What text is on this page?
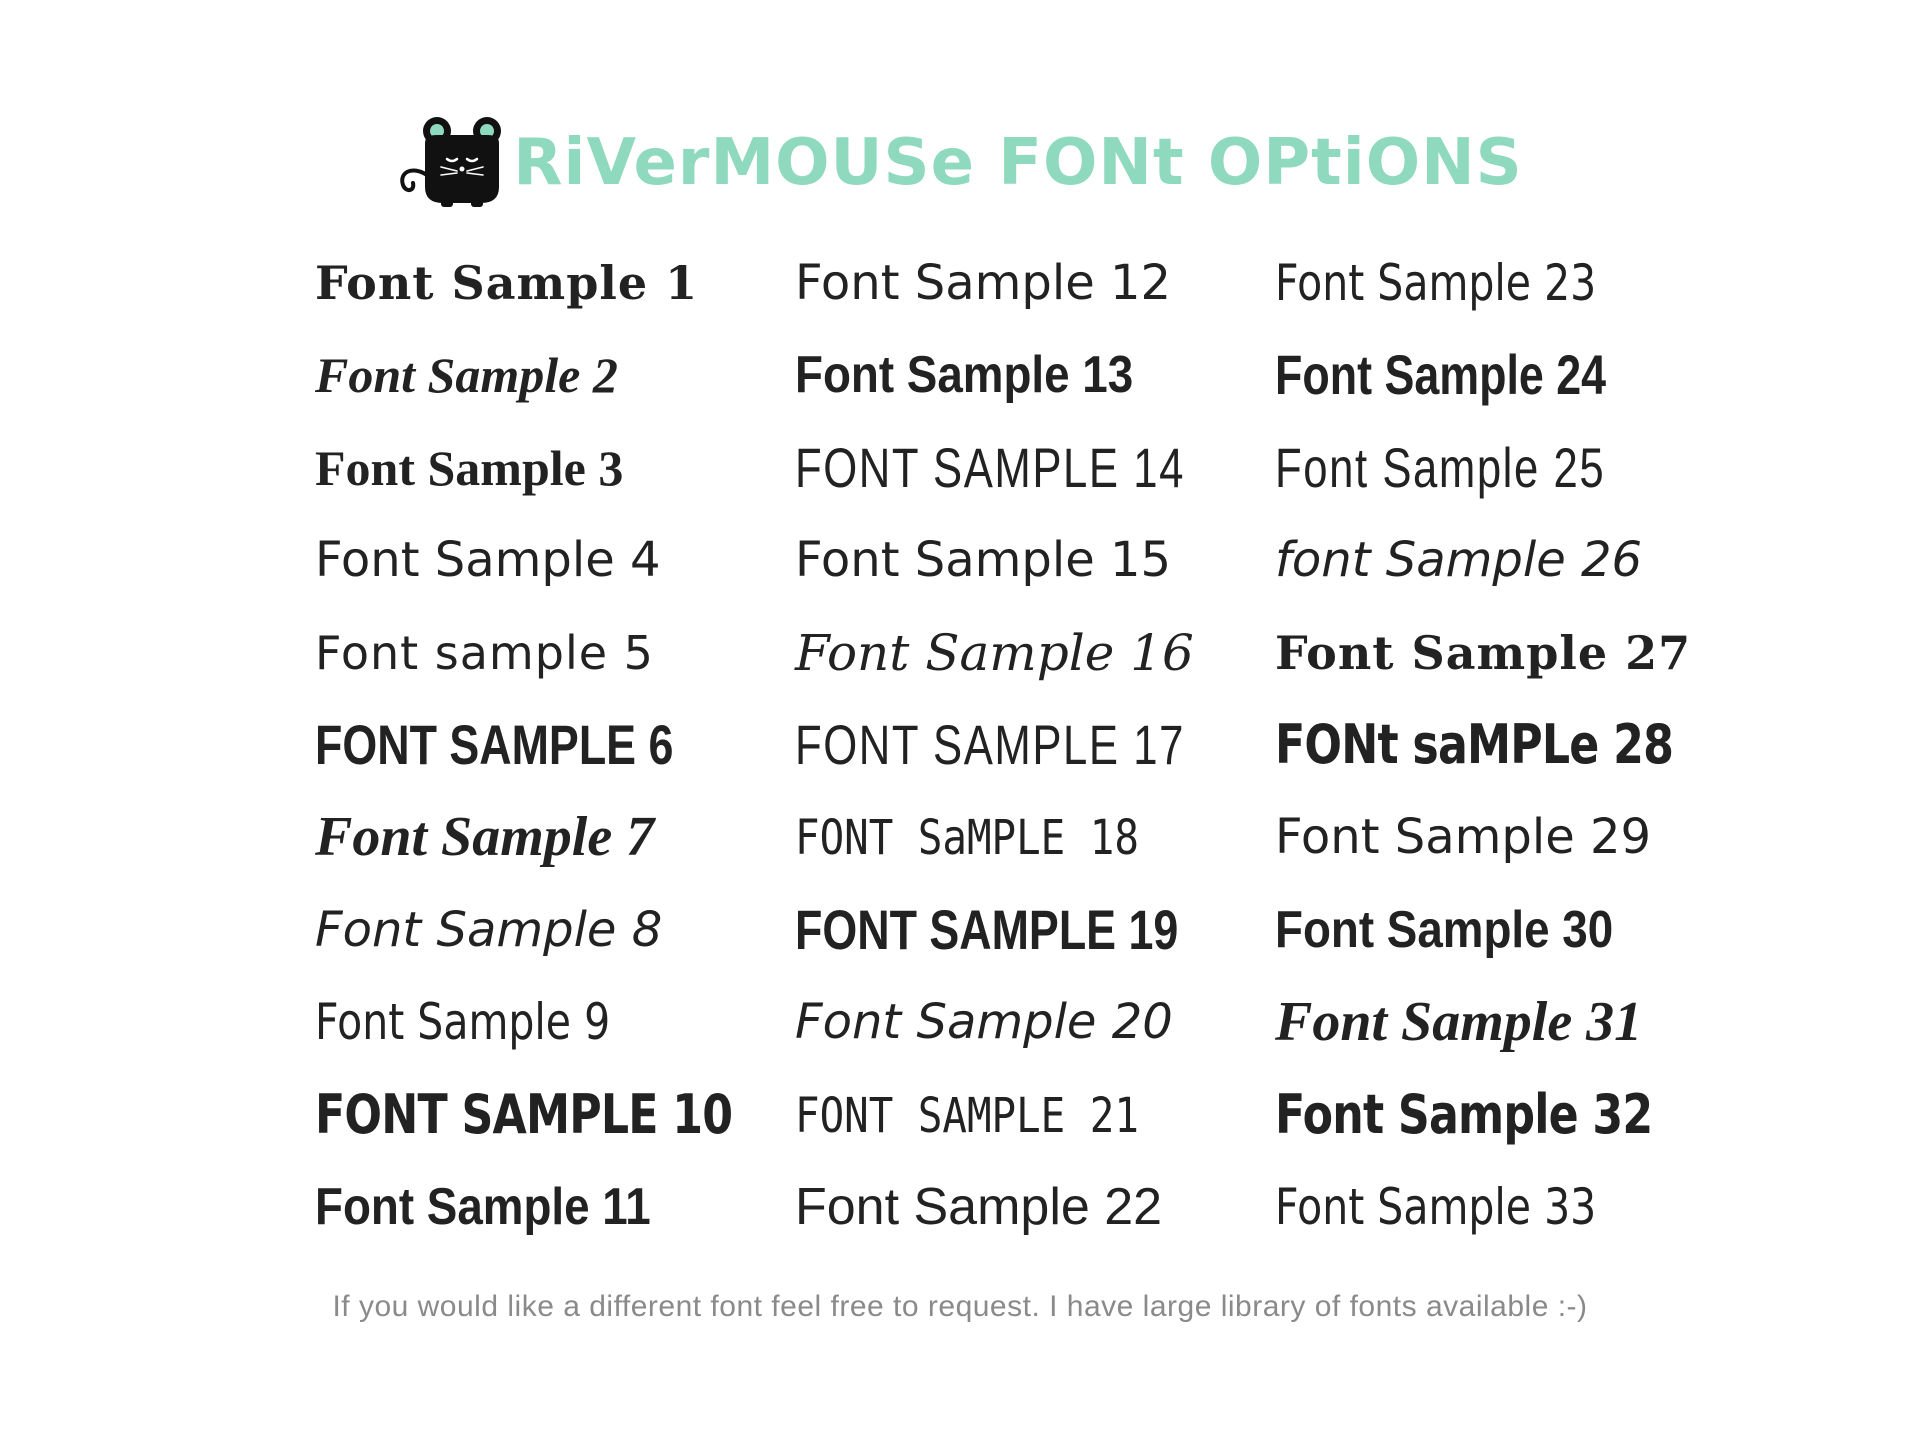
RiVerMOUSe FONt OPtiONS
Font Sample 1
Font Sample 2
Font Sample 3
Font Sample 4
Font sample 5
FONT SAMPLE 6
Font Sample 7
Font Sample 8
Font Sample 9
FONT SAMPLE 10
Font Sample 11
Font Sample 12
Font Sample 13
FONT SAMPLE 14
Font Sample 15
Font Sample 16
FONT SAMPLE 17
FONT SaMPLE 18
FONT SAMPLE 19
Font Sample 20
FONT SAMPLE 21
Font Sample 22
Font Sample 23
Font Sample 24
Font Sample 25
font Sample 26
Font Sample 27
FONt saMPLe 28
Font Sample 29
Font Sample 30
Font Sample 31
Font Sample 32
Font Sample 33
If you would like a different font feel free to request. I have large library of fonts available :-)
